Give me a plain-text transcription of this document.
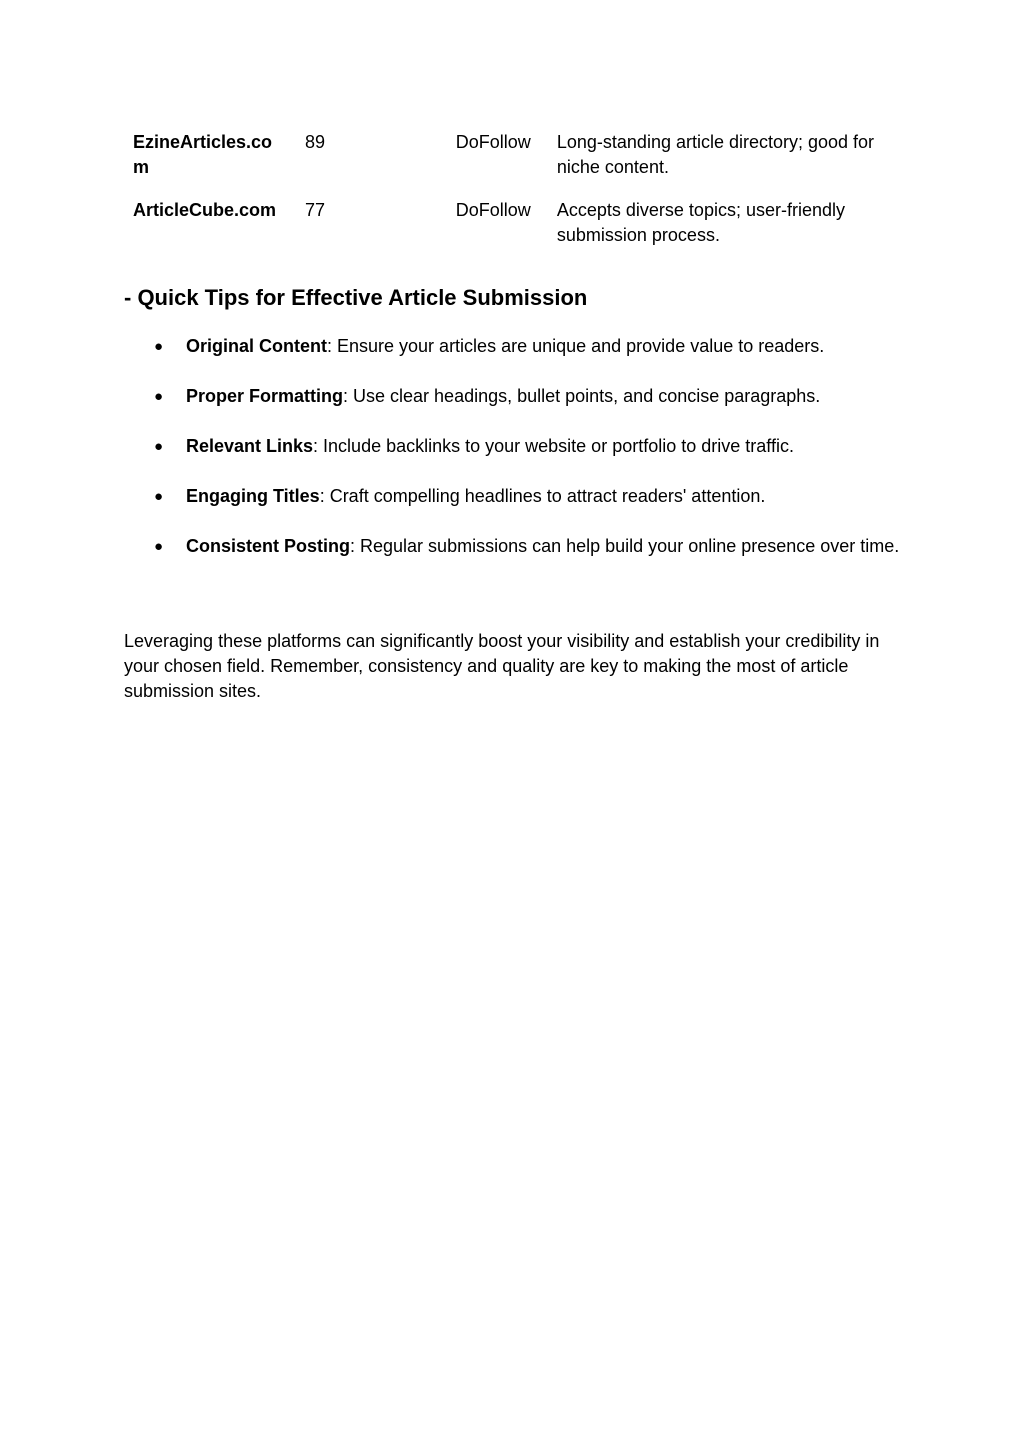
EzineArticles.com	89	DoFollow	Long-standing article directory; good for niche content.

ArticleCube.com	77	DoFollow	Accepts diverse topics; user-friendly submission process.
- Quick Tips for Effective Article Submission
● Original Content: Ensure your articles are unique and provide value to readers.
● Proper Formatting: Use clear headings, bullet points, and concise paragraphs.
● Relevant Links: Include backlinks to your website or portfolio to drive traffic.
● Engaging Titles: Craft compelling headlines to attract readers' attention.
● Consistent Posting: Regular submissions can help build your online presence over time.

Leveraging these platforms can significantly boost your visibility and establish your credibility in your chosen field. Remember, consistency and quality are key to making the most of article submission sites.
